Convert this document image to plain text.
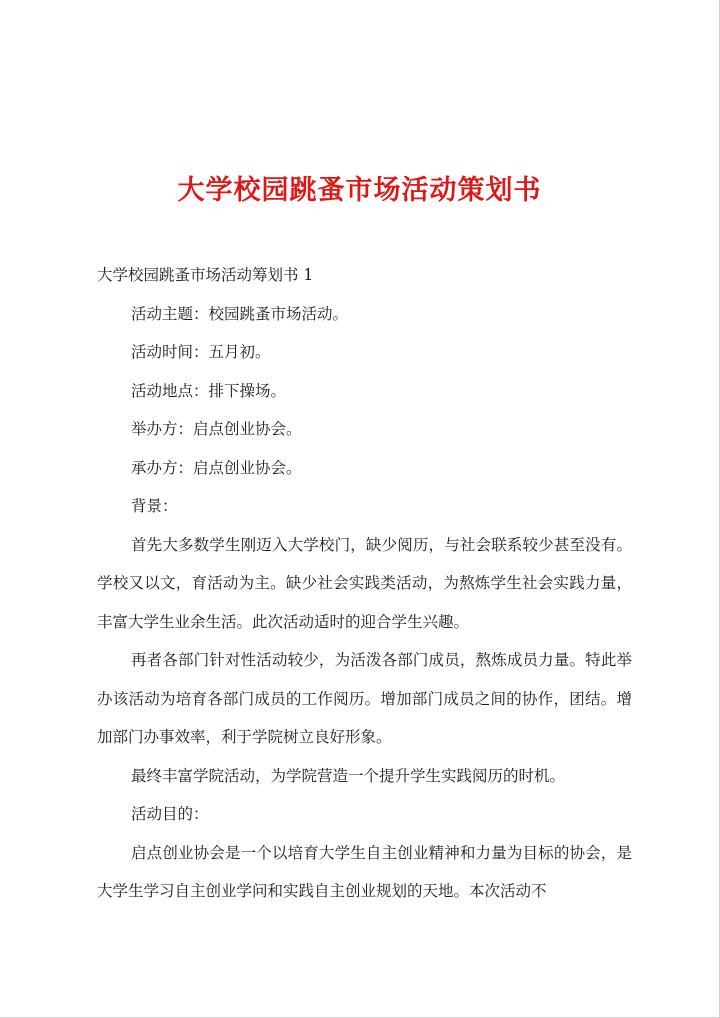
大学校园跳蚤市场活动策划书

大学校园跳蚤市场活动筹划书 1

活动主题：校园跳蚤市场活动。

活动时间：五月初。

活动地点：排下操场。

举办方：启点创业协会。

承办方：启点创业协会。

背景：

首先大多数学生刚迈入大学校门，缺少阅历，与社会联系较少甚至没有。学校又以文，育活动为主。缺少社会实践类活动，为熬炼学生社会实践力量，丰富大学生业余生活。此次活动适时的迎合学生兴趣。

再者各部门针对性活动较少，为活泼各部门成员，熬炼成员力量。特此举办该活动为培育各部门成员的工作阅历。增加部门成员之间的协作，团结。增加部门办事效率，利于学院树立良好形象。

最终丰富学院活动，为学院营造一个提升学生实践阅历的时机。

活动目的：

启点创业协会是一个以培育大学生自主创业精神和力量为目标的协会，是大学生学习自主创业学问和实践自主创业规划的天地。本次活动不
